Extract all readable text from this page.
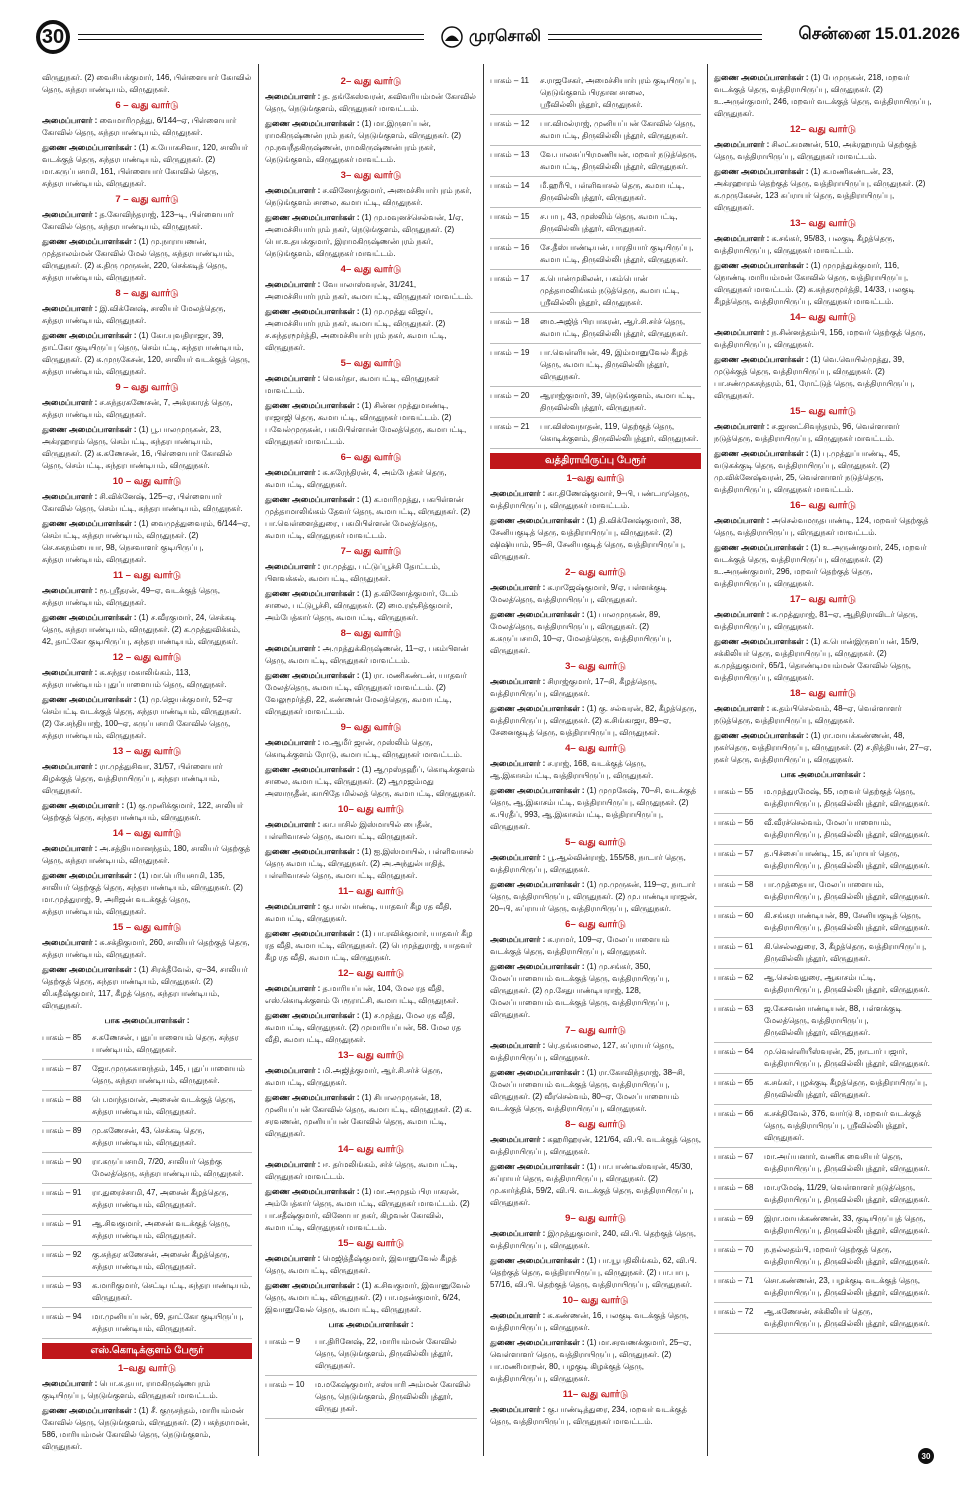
30	முரசொலி	சென்னை 15.01.2026

விருதுநகர். (2) வைசியக்குமார், 146, பிள்ளையார் கோவில் தெரு, சுந்தரபாண்டியம், விருதுநகர்.

6 – வது வார்டு

அமைப்பாளர் : வைமாரிமுத்து, 6/144–ஏ, பிள்ளையார் கோவில் தெரு, சுந்தரபாண்டியம், விருதுநகர்.

துணை அமைப்பாளர்கள் : (1) க.யோகசிவா, 120, சாலியர் வடக்குத் தெரு, சுந்தரபாண்டியம், விருதுநகர். (2) மா.கருப்பசாமி, 161, பிள்ளையார் கோவில் தெரு, சுந்தரபாண்டியம், விருதுநகர்.

7 – வது வார்டு

அமைப்பாளர் : த.கோவிந்தராஜ், 123–டி, பிள்ளையார் கோவில் தெரு, சுந்தரபாண்டியம், விருதுநகர்.

துணை அமைப்பாளர்கள் : (1) மு.நாராயணன், முத்தாலம்மன் கோவில் மேல் தெரு, சுந்தரபாண்டியம், விருதுநகர். (2) க.திரு முருகன், 220, செக்கடித் தெரு, சுந்தரபாண்டியம், விருதுநகர்.

8 – வது வார்டு

அமைப்பாளர் : இ.விக்னேஷ், சாலியர் மேலத்தெரு, சுந்தரபாண்டியம், விருதுநகர்.

துணை அமைப்பாளர்கள் : (1) கோ.யுவதிராஜா, 39, தாட்கோ குடியிருப்பு தெரு, செம்பட்டி, சுந்தரபாண்டியம், விருதுநகர். (2) க.முருகேசன், 120, சாலியர் வடக்குத் தெரு, சுந்தரபாண்டியம், விருதுநகர்.

9 – வது வார்டு

அமைப்பாளர் : ச.சுந்தரகணேசன், 7, அக்ரகாரத் தெரு, சுந்தரபாண்டியம், விருதுநகர்.

துணை அமைப்பாளர்கள் : (1) பூ.பாலமுருகன், 23, அக்ரஹாரம் தெரு, செம்பட்டி, சுந்தரபாண்டியம், விருதுநகர். (2) க.கணேசன், 16, பிள்ளையார் கோவில் தெரு, செம்பட்டி, சுந்தரபாண்டியம், விருதுநகர்.

10 – வது வார்டு

அமைப்பாளர் : சி.விக்னேஷ், 125–ஏ, பிள்ளையார் கோவில் தெரு, செம்பட்டி, சுந்தரபாண்டியம், விருதுநகர்.

துணை அமைப்பாளர்கள் : (1) வைமுத்துவைரம், 6/144–ஏ, செம்பட்டி, சுந்தரபாண்டியம், விருதுநகர். (2) செ.சுகநம்பையா, 98, நெசவாளர் குடியிருப்பு, சுந்தரபாண்டியம், விருதுநகர்.

11 – வது வார்டு

அமைப்பாளர் : ரூ.ஸ்ரீதரன், 49–ஏ, வடக்குத் தெரு, சுந்தரபாண்டியம், விருதுநகர்.

துணை அமைப்பாளர்கள் : (1) ச.வீரகுமார், 24, செக்கடி தெரு, சுந்தரபாண்டியம், விருதுநகர். (2) க.முத்துவிக்கம், 42, தாட்கோ குடியிருப்பு, சுந்தரபாண்டியம், விருதுநகர்.

12 – வது வார்டு

அமைப்பாளர் : க.சுந்தர மகாலிங்கம், 113, சுந்தரபாண்டியம் புதுப்பாளையம் தெரு, விருதுநகர்.

துணை அமைப்பாளர்கள் : (1) மு.ஜெயக்குமார், 52–ஏ செம்பட்டி வடக்குத் தெரு, சுந்தரபாண்டியம், விருதுநகர். (2) சே.சந்தியாஜ், 100–ஏ, கருப்பசாமி கோவில் தெரு, சுந்தரபாண்டியம், விருதுநகர்.

13 – வது வார்டு

அமைப்பாளர் : ரா.முத்துசிவா, 31/57, பிள்ளையார் கிழக்குத் தெரு, வத்திராயிருப்பு, சுந்தரபாண்டியம், விருதுநகர்.

துணை அமைப்பாளர் : (1) கு.முனிக்குமார், 122, சாலியர் தெற்குத் தெரு, சுந்தரபாண்டியம், விருதுநகர்.

14 – வது வார்டு

அமைப்பாளர் : அ.சத்தியமானந்தம், 180, சாலியர் தெற்குத் தெரு, சுந்தரபாண்டியம், விருதுநகர்.

துணை அமைப்பாளர்கள் : (1) மா.பெரியசாமி, 135, சாலியர் தெற்குத் தெரு, சுந்தரபாண்டியம், விருதுநகர். (2) மா.முத்துராஜ், 9, அரிஜன் வடக்குத் தெரு, சுந்தரபாண்டியம், விருதுநகர்.

15 – வது வார்டு

அமைப்பாளர் : சு.சக்திகுமார், 260, சாலியர் தெற்குத் தெரு, சுந்தரபாண்டியம், விருதுநகர்.

துணை அமைப்பாளர்கள் : (1) சிரக்தீவேல், ஏ–34, சாலியர் தெற்குத் தெரு, சுந்தரபாண்டியம், விருதுநகர். (2) லி.கதீஷ்குமார், 117, கீழத் தெரு, சுந்தரபாண்டியம், விருதுநகர்.

பாக அமைப்பாளர்கள் :
பாகம் – 85	ச.கணேசன், புதுப்பாளையம் தெரு, சுந்தர பாண்டியம், விருதுநகர்.
பாகம் – 87	ஜோ.முருககாளந்தம், 145, புதுப்பாளையம் தெரு, சுந்தரபாண்டியம், விருதுநகர்.
பாகம் – 88	பெ.மாந்தமான், அசைன் வடக்குத் தெரு, சுந்தரபாண்டியம், விருதுநகர்.
பாகம் – 89	மு.கணேசன், 43, செக்கடி தெரு, சுந்தரபாண்டியம், விருதுநகர்.
பாகம் – 90	ரா.கருப்பசாமி, 7/20, சாலியர் தெற்கு மேலத்தெரு, சுந்தரபாண்டியம், விருதுநகர்.
பாகம் – 91	ரா.துரைச்சாமி, 47, அசைன் கீழத்தெரு, சுந்தரபாண்டியம், விருதுநகர்.
பாகம் – 91	ஆ.சிவகுமார், அசைன் வடக்குத் தெரு, சுந்தரபாண்டியம், விருதுநகர்.
பாகம் – 92	கு.சுந்தர கணேசன், அசைன் கீழத்தெரு, சுந்தரபாண்டியம், விருதுநகர்.
பாகம் – 93	க.மாரிகுமார், செட்டிபட்டி, சுந்தரபாண்டியம், விருதுநகர்.
பாகம் – 94	மா.முனியப்பன், 69, தாட்கோ குடியிருப்பு, சுந்தரபாண்டியம், விருதுநகர்.
எஸ்.கொடிக்குளம் பேரூர்
1–வது வார்டு

அமைப்பாளர் : பொ.க.தயா, ராமகிருஷ்ணபுரம் குடியிருப்பு, நெடுங்குளம், விருதுநகர் மாவட்டம்.

துணை அமைப்பாளர்கள் : (1) சீ. குருசந்தம், மாரியம்மன் கோவில் தெரு, நெடுங்குளம், விருதுநகர். (2) பகந்தராமன், 586, மாரியம்மன் கோவில் தெரு, நெடுங்குளம், விருதுநகர்.

2– வது வார்டு

அமைப்பாளர் : த. தங்கேஸ்வரன், சுவிவரியம்மன் கோவில் தெரு, நெடுங்குளம், விருதுநகர் மாவட்டம்.

துணை அமைப்பாளர்கள் : (1) மா.இருளப்பன், ராமகிருஷ்ணன்புரம் நகர், நெடுங்குளம், விருதுநகர். (2) மு.நவநீதகிருஷ்ணன், ராமகிருஷ்ணன்புரம் நகர், நெடுங்குளம், விருதுநகர் மாவட்டம்.

3– வது வார்டு

அமைப்பாளர் : ச.வினோத்குமார், அமைச்சியார்புரம் நகர், நெடுங்குளம் சாலை, கூமாபட்டி, விருதுநகர்.

துணை அமைப்பாளர்கள் : (1) மு.மவுனச்செல்வன், 1/ஏ, அமைச்சியார்புரம் நகர், நெடுங்குளம், விருதுநகர். (2) பொ.உதயக்குமார், இராமகிருஷ்ணன்புரம் நகர், நெடுங்குளம், விருதுநகர் மாவட்டம்.

4– வது வார்டு

அமைப்பாளர் : வேபாலாஸ்வரன், 31/241, அமைச்சியார்புரம் நகர், கூமாபட்டி, விருதுநகர் மாவட்டம்.

துணை அமைப்பாளர்கள் : (1) மு.முத்து விஜய், அமைச்சியார்புரம் நகர், கூமாபட்டி, விருதுநகர். (2) ச.சுந்தரமூர்த்தி, அமைச்சியார்புரம் நகர், கூமாபட்டி, விருதுநகர்.

5– வது வார்டு

அமைப்பாளர் : வெகர்தா, கூமாபட்டி, விருதுநகர் மாவட்டம்.

துணை அமைப்பாளர்கள் : (1) சின்ன முத்துமாண்டி, ராஜாஜி தெரு, கூமாபட்டி, விருதுநகர் மாவட்டம். (2) பவேல்முருகன், பகமிபிள்ளான் மேலத்தெரு, கூமாபட்டி, விருதுநகர் மாவட்டம்.

6– வது வார்டு

அமைப்பாளர் : க.சுரேந்திரன், 4, அம்பேத்கர் தெரு, கூமாபட்டி, விருதுநகர்.

துணை அமைப்பாளர்கள் : (1) க.மாரிமுத்து, பகபிள்ளன் முத்தாமாலிங்கம் தேவர் தெரு, கூமாபட்டி, விருதுநகர். (2) பா.வெள்ளைத்துரை, பகமிபிள்ளன் மேலத்தெரு, கூமாபட்டி, விருதுநகர் மாவட்டம்.

7– வது வார்டு

அமைப்பாளர் : ரா.முத்து, பட்டுப்பூச்சி தோட்டம், பிளவக்கல், கூமாபட்டி, விருதுநகர்.

துணை அமைப்பாளர்கள் : (1) த.வினோத்குமார், டேம் சாலை, பட்டுபூச்சி, விருதுநகர். (2) மை.ரஞ்சித்குமார், அம்பேத்கார் தெரு, கூமாபட்டி, விருதுநகர்.

8– வது வார்டு

அமைப்பாளர் : அ.முத்துக்கிருஷ்ணன், 11–ஏ, பகம்பிளன் தெரு, கூமாபட்டி, விருதுநகர் மாவட்டம்.

துணை அமைப்பாளர்கள் : (1) ரா. மணிகண்டன், யாதவர் மேலத்தெரு, கூமாபட்டி, விருதுநகர் மாவட்டம். (2) வேலுமூர்த்தி, 22, கண்ணன் மேலத்தெரு, கூமாபட்டி, விருதுநகர் மாவட்டம்.

9– வது வார்டு

அமைப்பாளர் : ம.ஆமீர் ஜான், முஸ்லிம் தெரு, கொடிக்குளம் ரோடு, கூமாபட்டி, விருதுநகர் மாவட்டம்.

துணை அமைப்பாளர்கள் : (1) ஆமுஸ்தஹீப், கொடிக்குளம் சாலை, கூமாபட்டி, விருதுநகர். (2) ஆமுஜம்மது அஸாருதீன், காயிதே மில்லத் தெரு, கூமாபட்டி, விருதுநகர்.

10– வது வார்டு

அமைப்பாளர் : கா.பாசில் இஸ்மாயில் பைதீன், பள்ளிவாசல் தெரு, கூமாபட்டி, விருதுநகர்.

துணை அமைப்பாளர்கள் : (1) ஐ.இஸ்மாயில், பள்ளிவாசல் தெரு கூமாபட்டி, விருதுநகர். (2) அ.அந்துல்பாதித், பள்ளிவாசல் தெரு, கூமாபட்டி, விருதுநகர்.

11– வது வார்டு

அமைப்பாளர் : கு.பால்பாண்டி, யாதவர் கீழ ரத வீதி, கூமாபட்டி, விருதுநகர்.

துணை அமைப்பாளர்கள் : (1) பா.ரவிக்குமார், யாதவர் கீழ ரத வீதி, கூமாபட்டி, விருதுநகர். (2) பெமுத்துராஜ், யாதவர் கீழ ரத வீதி, கூமாபட்டி, விருதுநகர்.

12– வது வார்டு

அமைப்பாளர் : த.மாரியப்பன், 104, மேல ரத வீதி, எஸ்.கொடிக்குளம் பேரூராட்சி, கூமாபட்டி, விருதுநகர்.

துணை அமைப்பாளர்கள் : (1) ச.முத்து, மேல ரத வீதி, கூமாபட்டி, விருதுநகர். (2) முமாரியப்பன், 58. மேல ரத வீதி, கூமாபட்டி, விருதுநகர்.

13– வது வார்டு

அமைப்பாளர் : மி.அஜித்குமார், ஆர்.சி.சர்ச் தெரு, கூமாபட்டி, விருதுநகர்.

துணை அமைப்பாளர்கள் : (1) சிபாலமுருகன், 18, முனியப்பன் கோவில் தெரு, கூமாபட்டி, விருதுநகர். (2) க. சரவணன், முனியப்பன் கோவில் தெரு, கூமாபட்டி, விருதுநகர்.

14– வது வார்டு

அமைப்பாளர் : ஈ. தர்மலிங்கம், சர்ச் தெரு, கூமாபட்டி, விருதுநகர் மாவட்டம்.

துணை அமைப்பாளர்கள் : (1) மா.அமுதம் பிரபாகரன், அம்பேத்கார் தெரு, கூமாபட்டி, விருதுநகர் மாவட்டம். (2) பா.சதீஷ்குமார், வினோபா நகர், கிழவன் கோவில், கூமாபட்டி, விருதுநகர் மாவட்டம்.

15– வது வார்டு

அமைப்பாளர் : மெஜித்தீஷ்குமார், இவானுவேல் கீழத் தெரு, கூமாபட்டி, விருதுநகர்.

துணை அமைப்பாளர்கள் : (1) க.சிவகுமார், இவானுவேல் தெரு, கூமாபட்டி, விருதுநகர். (2) பா.மதன்குமார், 6/24, இவானுவேல் தெரு, கூமாபட்டி, விருதுநகர்.

பாக அமைப்பாளர்கள் :
பாகம் – 9	பா.திரினேஷ், 22, மாரியம்மன் கோவில் தெரு, நெடுங்குளம், திருவில்லிபுத்தூர், விருதுநகர்.
பாகம் – 10	ம.மகேஷ்குமார், சஸ்யாரி அம்மன் கோவில் தெரு, நெடுங்குளம், திருவில்லிபுத்தூர், விருது நகர்.
பாகம் – 11	ச.ராஜசேகர், அமைச்சியார்புரம் குடியிருப்பு, நெடுங்குளம் பிரதான சாலை, ஸ்ரீவில்லிபுத்தூர், விருதுநகர்.
பாகம் – 12	பா.விமல்ராஜ், முனியப்பன் கோவில் தெரு, கூமாபட்டி, திருவில்லிபுத்தூர், விருதுநகர்.
பாகம் – 13	வே.பாலசுப்பிரமணியன், மறவர் நடுத்தெரு, கூமாபட்டி, திருவில்லிபுத்தூர், விருதுநகர்.
பாகம் – 14	மீ.ஹரீபி, பள்ளிவாசல் தெரு, கூமாபட்டி, திருவில்லிபுத்தூர், விருதுநகர்.
பாகம் – 15	ச.பாபு, 43, முஸ்லிம் தெரு, கூமாபட்டி, திருவில்லிபுத்தூர், விருதுநகர்.
பாகம் – 16	சே.தீஸ்பாண்டியன், பாரதியார் குடியிருப்பு, கூமாபட்டி, திருவில்லிபுத்தூர், விருதுநகர்.
பாகம் – 17	க.பொன்முகிலன், பசும்பொன் முத்தாமலிங்கம் நடுத்தெரு, கூமாபட்டி, ஸ்ரீவில்லிபுத்தூர், விருதுநகர்.
பாகம் – 18	மை.அஜித் பிரபாகரன், ஆர்.சி.சர்ச் தெரு, கூமாபட்டி, திருவில்லிபுத்தூர், விருதுநகர்.
பாகம் – 19	பா.வெள்ளியன், 49, இம்மானுவேல் கீழத் தெரு, கூமாபட்டி, திருவில்லிபுத்தூர், விருதுநகர்.
பாகம் – 20	ஆராஜ்குமார், 39, நெடுங்குளம், கூமாபட்டி, திருவில்லிபுத்தூர், விருதுநகர்.
பாகம் – 21	பா.விஸ்வநாதன், 119, தெற்குத் தெரு, கொடிக்குளம், திருவில்லிபுத்தூர், விருதுநகர்.
வத்திராயிருப்பு பேரூர்
1–வது வார்டு

அமைப்பாளர் : கா.திணேஷ்குமார், 9–பி, பண்டாரதெரு, வத்திராயிருப்பு, விருதுநகர் மாவட்டம்.

துணை அமைப்பாளர்கள் : (1) தி.விக்னேஷ்குமார், 38, சேனியகுடித் தெரு, வத்திராயிருப்பு, விருதுநகர். (2) ஷிஷியாம், 95–சி, சேனியகுடித் தெரு, வத்திராயிருப்பு, விருதுநகர்.

2– வது வார்டு

அமைப்பாளர் : க.ராஜேஷ்குமார், 9/ஏ, பள்ளக்குடி மேலத்தெரு, வத்திராயிருப்பு, விருதுநகர்.

துணை அமைப்பாளர்கள் : (1) பாலமுருகன், 89, மேலத்தெரு, வத்திராயிருப்பு, விருதுநகர். (2) க.கருப்பசாமி, 10–ஏ, மேலத்தெரு, வத்திராயிருப்பு, விருதுநகர்.

3– வது வார்டு

அமைப்பாளர் : சிராஜ்குமார், 17–சி, கீழத்தெரு, வத்திராயிருப்பு, விருதுநகர்.

துணை அமைப்பாளர்கள் : (1) கு. சல்வரன், 82, கீழத்தெரு, வத்திராயிருப்பு, விருதுநகர். (2) க.சிங்காஜா, 89–ஏ, சேனைகுடித் தெரு, வத்திராயிருப்பு, விருதுநகர்.

4– வது வார்டு

அமைப்பாளர் : ச.ராஜ், 168, வடக்குத் தெரு, ஆ.இகாசம்பட்டி, வத்திராயிருப்பு, விருதுநகர்.

துணை அமைப்பாளர்கள் : (1) முமுகேஷ், 70–சி, வடக்குத் தெரு, ஆ.இகாசம்பட்டி, வத்திராயிருப்பு, விருதுநகர். (2) க.பிரதீப், 993, ஆ.இகாசம்பட்டி, வத்திராயிருப்பு, விருதுநகர்.

5– வது வார்டு

அமைப்பாளர் : பூ.ஆல்வின்ராஜ், 155/58, நாடார் தெரு, வத்திராயிருப்பு, விருதுநகர்.

துணை அமைப்பாளர்கள் : (1) மு.முருகன், 119–ஏ, நாடார் தெரு, வத்திராயிருப்பு, விருதுநகர். (2) மு.பாண்டியராஜன், 20–பி, சுப்ராயர் தெரு, வத்திராயிருப்பு, விருதுநகர்.

6– வது வார்டு

அமைப்பாளர் : க.ராமர், 109–ஏ, மேலப்பாளையம் வடக்குத் தெரு, வத்திராயிருப்பு, விருதுநகர்.

துணை அமைப்பாளர்கள் : (1) மு.சங்கர், 350, மேலப்பாளையம் வடக்குத் தெரு, வத்திராயிருப்பு, விருதுநகர். (2) மு.சேதுபாண்டியராஜ், 128, மேலப்பாளையம் வடக்குத் தெரு, வத்திராயிருப்பு, விருதுநகர்.

7– வது வார்டு

அமைப்பாளர் : ரெ.தங்கமலை, 127, சுப்ராயர் தெரு, வத்திராயிருப்பு, விருதுநகர்.

துணை அமைப்பாளர்கள் : (1) ரா.கோவிந்தராஜ், 38–சி, மேலப்பாளையம் வடக்குத் தெரு, வத்திராயிருப்பு, விருதுநகர். (2) வீரசெல்வம், 80–ஏ, மேலப்பாளையம் வடக்குத் தெரு, வத்திராயிருப்பு, விருதுநகர்.

8– வது வார்டு

அமைப்பாளர் : கஹரிஹரன், 121/64, வி.பி. வடக்குத் தெரு, வத்திராயிருப்பு, விருதுநகர்.

துணை அமைப்பாளர்கள் : (1) பா.பாண்டீஸ்வரன், 45/30, சுப்ராயர் தெரு, வத்திராயிருப்பு, விருதுநகர். (2) மு.கார்த்திக், 59/2, வி.பி. வடக்குத் தெரு, வத்திராயிருப்பு, விருதுநகர்.

9– வது வார்டு

அமைப்பாளர் : இமுத்துகுமார், 240, வி.பி. தெற்குத் தெரு, வத்திராயிருப்பு, விருதுநகர்.

துணை அமைப்பாளர்கள் : (1) பா.யூபதிலிங்கம், 62, வி.பி. தெற்குத் தெரு, வத்திராயிருப்பு, விருதுநகர். (2) பா.பாபு, 57/16, வி.பி. தெற்குத் தெரு, வத்திராயிருப்பு, விருதுநகர்.

10– வது வார்டு

அமைப்பாளர் : க.கண்ணன், 16, பலகுடி வடக்குத் தெரு, வத்திராயிருப்பு, விருதுநகர்.

துணை அமைப்பாளர்கள் : (1) மா.சரவணக்குமார், 25–ஏ, வெள்ளாளர் தெரு, வத்திராயிருப்பு, விருதுநகர். (2) பா.மணிமாறன், 80, பழகுடி கிழக்குத் தெரு, வத்திராயிருப்பு, விருதுநகர்.

11– வது வார்டு

அமைப்பாளர் : கு.பாண்டித்துரை, 234, மறவர் வடக்குத் தெரு, வத்திராயிருப்பு, விருதுநகர் மாவட்டம்.

துணை அமைப்பாளர்கள் : (1) பேமுருகன், 218, மறவர் வடக்குத் தெரு, வத்திராயிருப்பு, விருதுநகர். (2) உ.அருள்குமார், 246, மறவர் வடக்குத் தெரு, வத்திராயிருப்பு, விருதுநகர்.

12– வது வார்டு

அமைப்பாளர் : சிலட்சுமணன், 510, அக்ரஹாரம் தெற்குத் தெரு, வத்திராயிருப்பு, விருதுநகர் மாவட்டம்.

துணை அமைப்பாளர்கள் : (1) க.மணிகண்டன், 23, அக்ரஹாரம் தெற்குத் தெரு, வத்திராயிருப்பு, விருதுநகர். (2) க.முருகேசன், 123 சுப்ராயர் தெரு, வத்திராயிருப்பு, விருதுநகர்.

13– வது வார்டு

அமைப்பாளர் : க.சங்கர், 95/83, பலகுடி கீழத்தெரு, வத்திராயிருப்பு, விருதுநகர் மாவட்டம்.

துணை அமைப்பாளர்கள் : (1) முமுத்துக்குமார், 116, நொண்டி மாரியம்மன் கோவில் தெரு, வத்திராயிருப்பு, விருதுநகர் மாவட்டம். (2) க.சுந்தரமூர்த்தி, 14/33, பலகுடி கீழத்தெரு, வத்திராயிருப்பு, விருதுநகர் மாவட்டம்.

14– வது வார்டு

அமைப்பாளர் : ந.சின்னத்தம்பி, 156, மறவர் தெற்குத் தெரு, வத்திராயிருப்பு, விருதுநகர்.

துணை அமைப்பாளர்கள் : (1) வெ.வெயில்முத்து, 39, முடுக்குத் தெரு, வத்திராயிருப்பு, விருதுநகர். (2) பா.சண்முகசுந்தரம், 61, ரோட்டுத் தெரு, வத்திராயிருப்பு, விருதுநகர்.

15– வது வார்டு

அமைப்பாளர் : ச.ஜானட்சிவந்தரம், 96, வெள்ளாளர் நடுத்தெரு, வத்திராயிருப்பு, விருதுநகர் மாவட்டம்.

துணை அமைப்பாளர்கள் : (1) பு.முத்துப்பாண்டி, 45, வடுகக்குடி தெரு, வத்திராயிருப்பு, விருதுநகர். (2) மு.விக்னேஷ்வரன், 25, வெள்ளாளர் நடுத்தெரு, வத்திராயிருப்பு, விருதுநகர் மாவட்டம்.

16– வது வார்டு

அமைப்பாளர் : அசெல்வமருதபாண்டி, 124, மறவர் தெற்குத் தெரு, வத்திராயிருப்பு, விருதுநகர் மாவட்டம்.

துணை அமைப்பாளர்கள் : (1) உ.அருண்குமார், 245, மறவர் வடக்குத் தெரு, வத்திராயிருப்பு, விருதுநகர். (2) உ.அருண்குமார், 296, மறவர் தெற்குத் தெரு, வத்திராயிருப்பு, விருதுநகர்.

17– வது வார்டு

அமைப்பாளர் : க.முத்துராஜ், 81–ஏ, ஆதிதிராவிடர் தெரு, வத்திராயிருப்பு, விருதுநகர்.

துணை அமைப்பாளர்கள் : (1) க.பொன்இருளப்பன், 15/9, சக்கிலியர் தெரு, வத்திராயிருப்பு, விருதுநகர். (2) க.முத்துகுமார், 65/1, தொண்டிமயம்மன் கோவில் தெரு, வத்திராயிருப்பு, விருதுநகர்.

18– வது வார்டு

அமைப்பாளர் : க.தம்பிசெல்வம், 48–ஏ, வெள்ளாளர் நடுத்தெரு, வத்திராயிருப்பு, விருதுநகர்.

துணை அமைப்பாளர்கள் : (1) ரா.மாயக்கண்ணன், 48, நகர்தெரு, வத்திராயிருப்பு, விருதுநகர். (2) ச.நித்தியன், 27–ஏ, நகர் தெரு, வத்திராயிருப்பு, விருதுநகர்.

பாக அமைப்பாளர்கள் :
பாகம் – 55	ம.முத்துரமேஷ், 55, மறவர் தெற்குத் தெரு, வத்திராயிருப்பு, திருவில்லிபுத்தூர், விருதுநகர்.
பாகம் – 56	வீ.வீரச்செல்வம், மேலப்பாளையம், வத்திராயிருப்பு, திருவில்லிபுத்தூர், விருதுநகர்.
பாகம் – 57	த.பிச்சைப்பாண்டி, 15, சுப்ராயர் தெரு, வத்திராயிருப்பு, திருவில்லிபுத்தூர், விருதுநகர்.
பாகம் – 58	பா.முத்தையா, மேலப்பாளையம், வத்திராயிருப்பு, திருவில்லிபுத்தூர், விருதுநகர்.
பாகம் – 60	கி.சங்கரபாண்டியன், 89, சேனியகுடித் தெரு, வத்திராயிருப்பு, திருவில்லிபுத்தூர், விருதுநகர்.
பாகம் – 61	கி.செல்லதுரை, 3, கீழத்தெரு, வத்திராயிருப்பு, திருவில்லிபுத்தூர், விருதுநகர்.
பாகம் – 62	ஆ.செல்வதுரை, ஆகாசம்பட்டி, வத்திராயிருப்பு, திருவில்லிபுத்தூர், விருதுநகர்.
பாகம் – 63	ஜ.கேசவன்பாண்டியன், 88, பள்ளக்குடி மேலத்தெரு, வத்திராயிருப்பு, திருவில்லிபுத்தூர், விருதுநகர்.
பாகம் – 64	மு.வெள்ளியீஸ்வரன், 25, நாடார் பஜார், வத்திராயிருப்பு, திருவில்லிபுத்தூர், விருதுநகர்.
பாகம் – 65	க.சங்கர், புழக்குடி கீழத்தெரு, வத்திராயிருப்பு, திருவில்லிபுத்தூர், விருதுநகர்.
பாகம் – 66	க.சக்திவேல், 376, வார்டு 8, மறவர் வடக்குத் தெரு, வத்திராயிருப்பு, ஸ்ரீவில்லிபுத்தூர், விருதுநகர்.
பாகம் – 67	மா.அய்யனார், வணிக வைசியர் தெரு, வத்திராயிருப்பு, திருவில்லிபுத்தூர், விருதுநகர்.
பாகம் – 68	மா.ரமேஷ், 11/29, வெள்ளாளர் நடுத்தெரு, வத்திராயிருப்பு, திருவில்லிபுத்தூர், விருதுநகர்.
பாகம் – 69	இரா.மாயக்கண்ணன், 33, குடியிருப்புத் தெரு, வத்திராயிருப்பு, திருவில்லிபுத்தூர், விருதுநகர்.
பாகம் – 70	ந.நல்லதம்பி, மறவர் தெற்குத் தெரு, வத்திராயிருப்பு, திருவில்லிபுத்தூர், விருதுநகர்.
பாகம் – 71	சொ.கண்ணன், 23, பழக்குடி வடக்குத் தெரு, வத்திராயிருப்பு, திருவில்லிபுத்தூர், விருதுநகர்.
பாகம் – 72	ஆ.கணேசன், சக்கிலியர் தெரு, வத்திராயிருப்பு, திருவில்லிபுத்தூர், விருதுநகர்.
30
